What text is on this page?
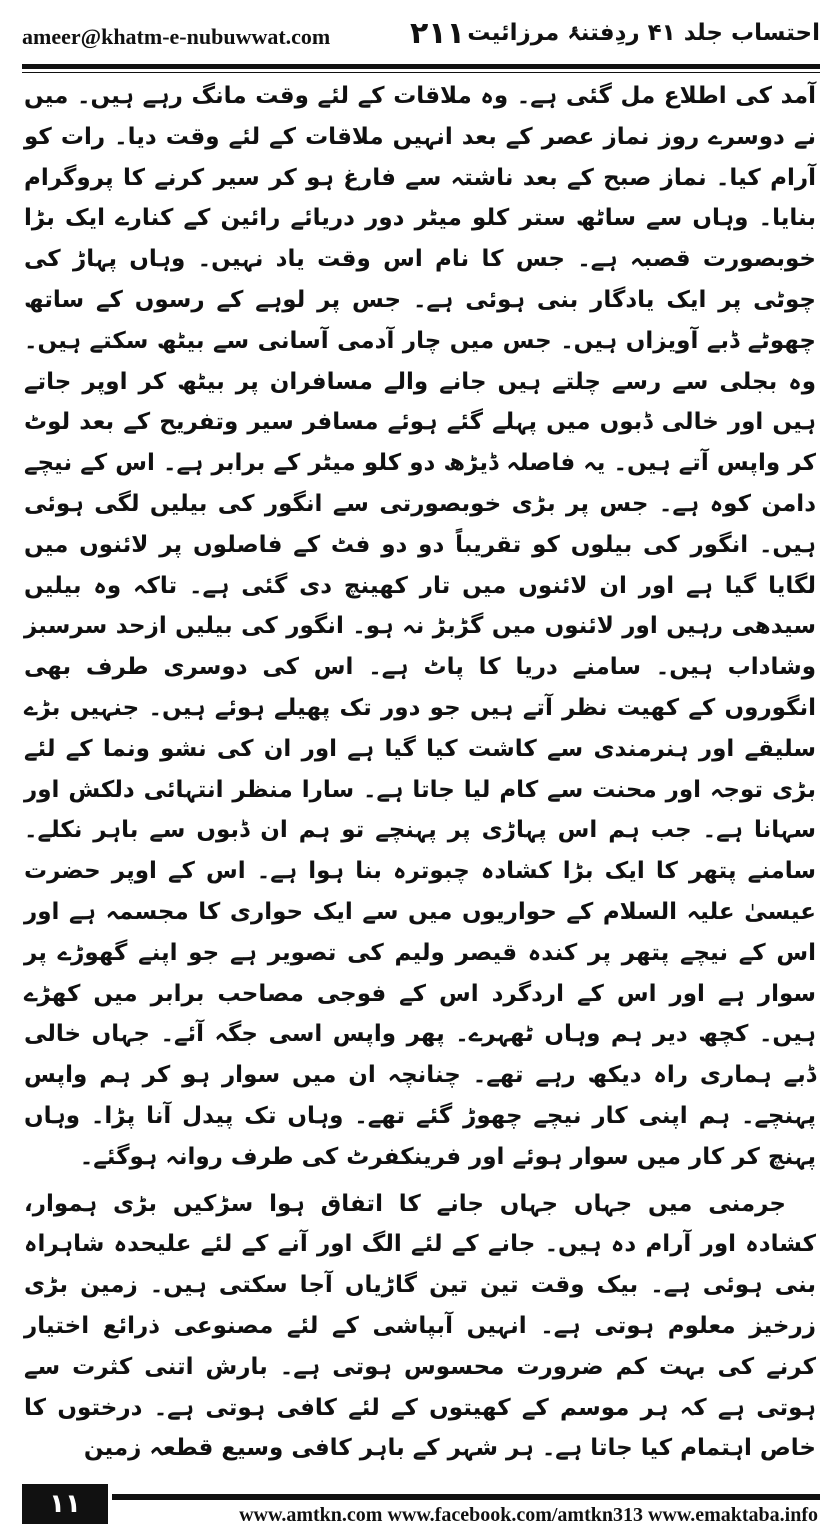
ameer@khatm-e-nubuwwat.com	۲۱۱ احتساب جلد ۴۱ ردِفتنۂ مرزائیت

آمد کی اطلاع مل گئی ہے۔ وہ ملاقات کے لئے وقت مانگ رہے ہیں۔ میں نے دوسرے روز نماز عصر کے بعد انہیں ملاقات کے لئے وقت دیا۔ رات کو آرام کیا۔ نماز صبح کے بعد ناشتہ سے فارغ ہو کر سیر کرنے کا پروگرام بنایا۔ وہاں سے ساٹھ ستر کلو میٹر دور دریائے رائین کے کنارے ایک بڑا خوبصورت قصبہ ہے۔ جس کا نام اس وقت یاد نہیں۔ وہاں پہاڑ کی چوٹی پر ایک یادگار بنی ہوئی ہے۔ جس پر لوہے کے رسوں کے ساتھ چھوٹے ڈبے آویزاں ہیں۔ جس میں چار آدمی آسانی سے بیٹھ سکتے ہیں۔ وہ بجلی سے رسے چلتے ہیں جانے والے مسافران پر بیٹھ کر اوپر جاتے ہیں اور خالی ڈبوں میں پہلے گئے ہوئے مسافر سیر وتفریح کے بعد لوٹ کر واپس آتے ہیں۔ یہ فاصلہ ڈیڑھ دو کلو میٹر کے برابر ہے۔ اس کے نیچے دامن کوہ ہے۔ جس پر بڑی خوبصورتی سے انگور کی بیلیں لگی ہوئی ہیں۔ انگور کی بیلوں کو تقریباً دو دو فٹ کے فاصلوں پر لائنوں میں لگایا گیا ہے اور ان لائنوں میں تار کھینچ دی گئی ہے۔ تاکہ وہ بیلیں سیدھی رہیں اور لائنوں میں گڑبڑ نہ ہو۔ انگور کی بیلیں ازحد سرسبز وشاداب ہیں۔ سامنے دریا کا پاٹ ہے۔ اس کی دوسری طرف بھی انگوروں کے کھیت نظر آتے ہیں جو دور تک پھیلے ہوئے ہیں۔ جنہیں بڑے سلیقے اور ہنرمندی سے کاشت کیا گیا ہے اور ان کی نشو ونما کے لئے بڑی توجہ اور محنت سے کام لیا جاتا ہے۔ سارا منظر انتہائی دلکش اور سہانا ہے۔ جب ہم اس پہاڑی پر پہنچے تو ہم ان ڈبوں سے باہر نکلے۔ سامنے پتھر کا ایک بڑا کشادہ چبوترہ بنا ہوا ہے۔ اس کے اوپر حضرت عیسیٰ علیہ السلام کے حواریوں میں سے ایک حواری کا مجسمہ ہے اور اس کے نیچے پتھر پر کندہ قیصر ولیم کی تصویر ہے جو اپنے گھوڑے پر سوار ہے اور اس کے اردگرد اس کے فوجی مصاحب برابر میں کھڑے ہیں۔ کچھ دیر ہم وہاں ٹھہرے۔ پھر واپس اسی جگہ آئے۔ جہاں خالی ڈبے ہماری راہ دیکھ رہے تھے۔ چنانچہ ان میں سوار ہو کر ہم واپس پہنچے۔ ہم اپنی کار نیچے چھوڑ گئے تھے۔ وہاں تک پیدل آنا پڑا۔ وہاں پہنچ کر کار میں سوار ہوئے اور فرینکفرٹ کی طرف روانہ ہوگئے۔

جرمنی میں جہاں جہاں جانے کا اتفاق ہوا سڑکیں بڑی ہموار، کشادہ اور آرام دہ ہیں۔ جانے کے لئے الگ اور آنے کے لئے علیحدہ شاہراہ بنی ہوئی ہے۔ بیک وقت تین تین گاڑیاں آجا سکتی ہیں۔ زمین بڑی زرخیز معلوم ہوتی ہے۔ انہیں آبپاشی کے لئے مصنوعی ذرائع اختیار کرنے کی بہت کم ضرورت محسوس ہوتی ہے۔ بارش اتنی کثرت سے ہوتی ہے کہ ہر موسم کے کھیتوں کے لئے کافی ہوتی ہے۔ درختوں کا خاص اہتمام کیا جاتا ہے۔ ہر شہر کے باہر کافی وسیع قطعہ زمین

۱۱	www.amtkn.com www.facebook.com/amtkn313 www.emaktaba.info
